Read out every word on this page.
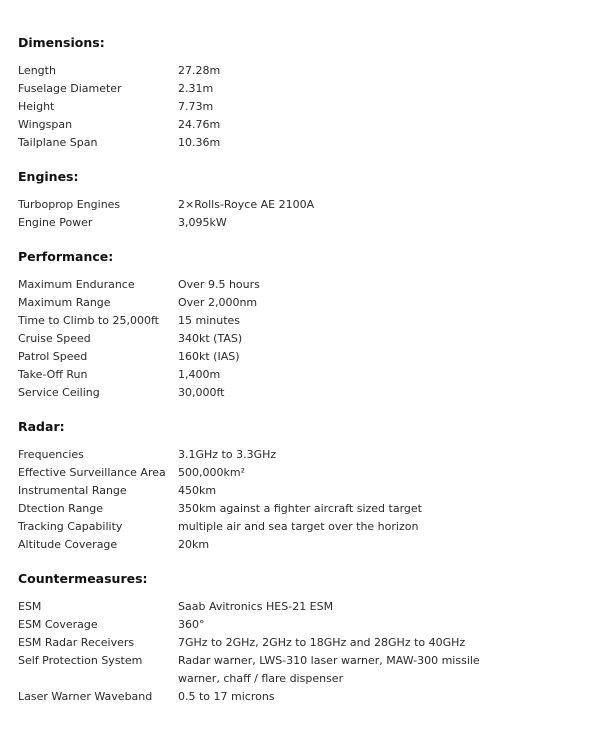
Dimensions:
Length	27.28m
Fuselage Diameter	2.31m
Height	7.73m
Wingspan	24.76m
Tailplane Span	10.36m
Engines:
Turboprop Engines	2×Rolls-Royce AE 2100A
Engine Power	3,095kW
Performance:
Maximum Endurance	Over 9.5 hours
Maximum Range	Over 2,000nm
Time to Climb to 25,000ft	15 minutes
Cruise Speed	340kt (TAS)
Patrol Speed	160kt (IAS)
Take-Off Run	1,400m
Service Ceiling	30,000ft
Radar:
Frequencies	3.1GHz to 3.3GHz
Effective Surveillance Area	500,000km²
Instrumental Range	450km
Dtection Range	350km against a fighter aircraft sized target
Tracking Capability	multiple air and sea target over the horizon
Altitude Coverage	20km
Countermeasures:
ESM	Saab Avitronics HES-21 ESM
ESM Coverage	360°
ESM Radar Receivers	7GHz to 2GHz, 2GHz to 18GHz and 28GHz to 40GHz
Self Protection System	Radar warner, LWS-310 laser warner, MAW-300 missile warner, chaff / flare dispenser
Laser Warner Waveband	0.5 to 17 microns
